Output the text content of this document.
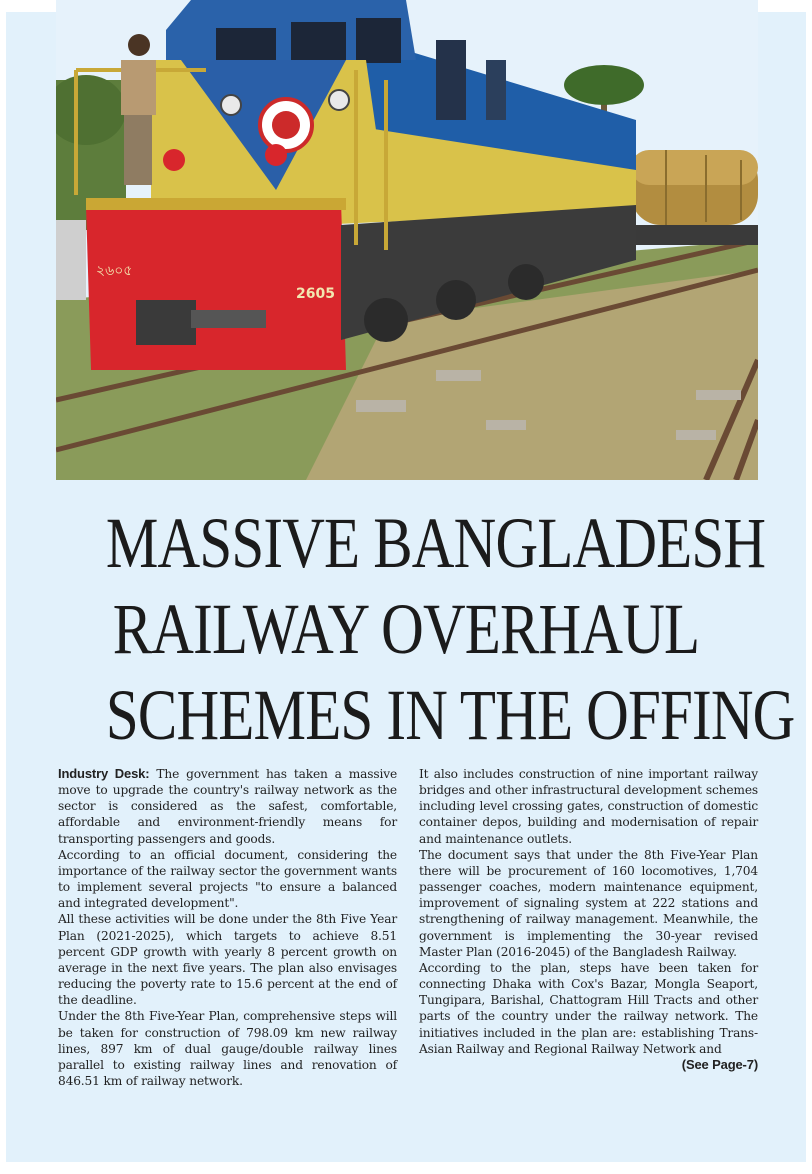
২৬০৫
2605
MASSIVE BANGLADESH
RAILWAY OVERHAUL
SCHEMES IN THE OFFING

Industry Desk: The government has taken a massive move to upgrade the country's railway network as the sector is considered as the safest, comfortable, affordable and environment-friendly means for transporting passengers and goods.

According to an official document, considering the importance of the railway sector the government wants to implement several projects "to ensure a balanced and integrated development".

All these activities will be done under the 8th Five Year Plan (2021-2025), which targets to achieve 8.51 percent GDP growth with yearly 8 percent growth on average in the next five years. The plan also envisages reducing the poverty rate to 15.6 percent at the end of the deadline.

Under the 8th Five-Year Plan, comprehensive steps will be taken for construction of 798.09 km new railway lines, 897 km of dual gauge/double railway lines parallel to existing railway lines and renovation of 846.51 km of railway network.

It also includes construction of nine important railway bridges and other infrastructural development schemes including level crossing gates, construction of domestic container depos, building and modernisation of repair and maintenance outlets.

The document says that under the 8th Five-Year Plan there will be procurement of 160 locomotives, 1,704 passenger coaches, modern maintenance equipment, improvement of signaling system at 222 stations and strengthening of railway management. Meanwhile, the government is implementing the 30-year revised Master Plan (2016-2045) of the Bangladesh Railway.

According to the plan, steps have been taken for connecting Dhaka with Cox's Bazar, Mongla Seaport, Tungipara, Barishal, Chattogram Hill Tracts and other parts of the country under the railway network. The initiatives included in the plan are: establishing Trans-Asian Railway and Regional Railway Network and
(See Page-7)
